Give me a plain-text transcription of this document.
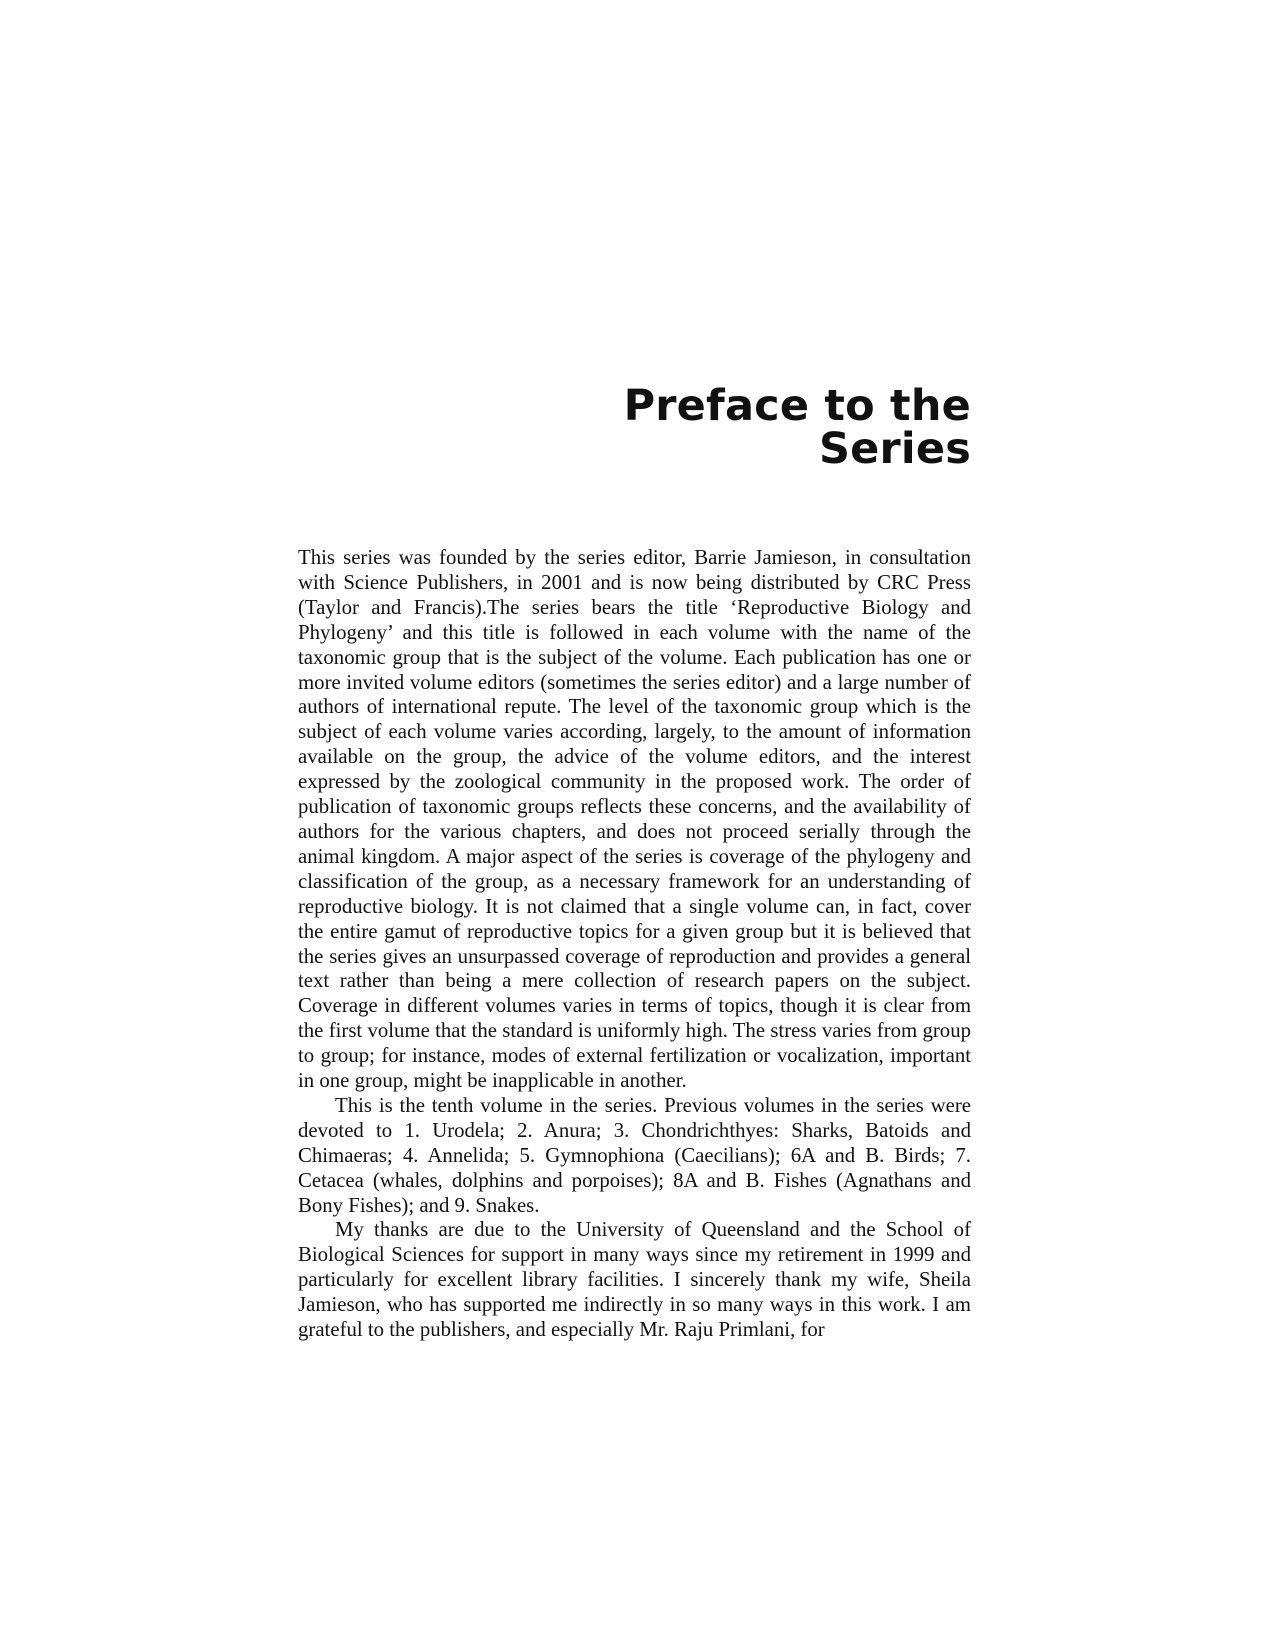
Preface to the Series

This series was founded by the series editor, Barrie Jamieson, in consultation with Science Publishers, in 2001 and is now being distributed by CRC Press (Taylor and Francis).The series bears the title ‘Reproductive Biology and Phylogeny’ and this title is followed in each volume with the name of the taxonomic group that is the subject of the volume. Each publication has one or more invited volume editors (sometimes the series editor) and a large number of authors of international repute. The level of the taxonomic group which is the subject of each volume varies according, largely, to the amount of information available on the group, the advice of the volume editors, and the interest expressed by the zoological community in the proposed work. The order of publication of taxonomic groups reflects these concerns, and the availability of authors for the various chapters, and does not proceed serially through the animal kingdom. A major aspect of the series is coverage of the phylogeny and classification of the group, as a necessary framework for an understanding of reproductive biology. It is not claimed that a single volume can, in fact, cover the entire gamut of reproductive topics for a given group but it is believed that the series gives an unsurpassed coverage of reproduction and provides a general text rather than being a mere collection of research papers on the subject. Coverage in different volumes varies in terms of topics, though it is clear from the first volume that the standard is uniformly high. The stress varies from group to group; for instance, modes of external fertilization or vocalization, important in one group, might be inapplicable in another.

This is the tenth volume in the series. Previous volumes in the series were devoted to 1. Urodela; 2. Anura; 3. Chondrichthyes: Sharks, Batoids and Chimaeras; 4. Annelida; 5. Gymnophiona (Caecilians); 6A and B. Birds; 7. Cetacea (whales, dolphins and porpoises); 8A and B. Fishes (Agnathans and Bony Fishes); and 9. Snakes.

My thanks are due to the University of Queensland and the School of Biological Sciences for support in many ways since my retirement in 1999 and particularly for excellent library facilities. I sincerely thank my wife, Sheila Jamieson, who has supported me indirectly in so many ways in this work. I am grateful to the publishers, and especially Mr. Raju Primlani, for
